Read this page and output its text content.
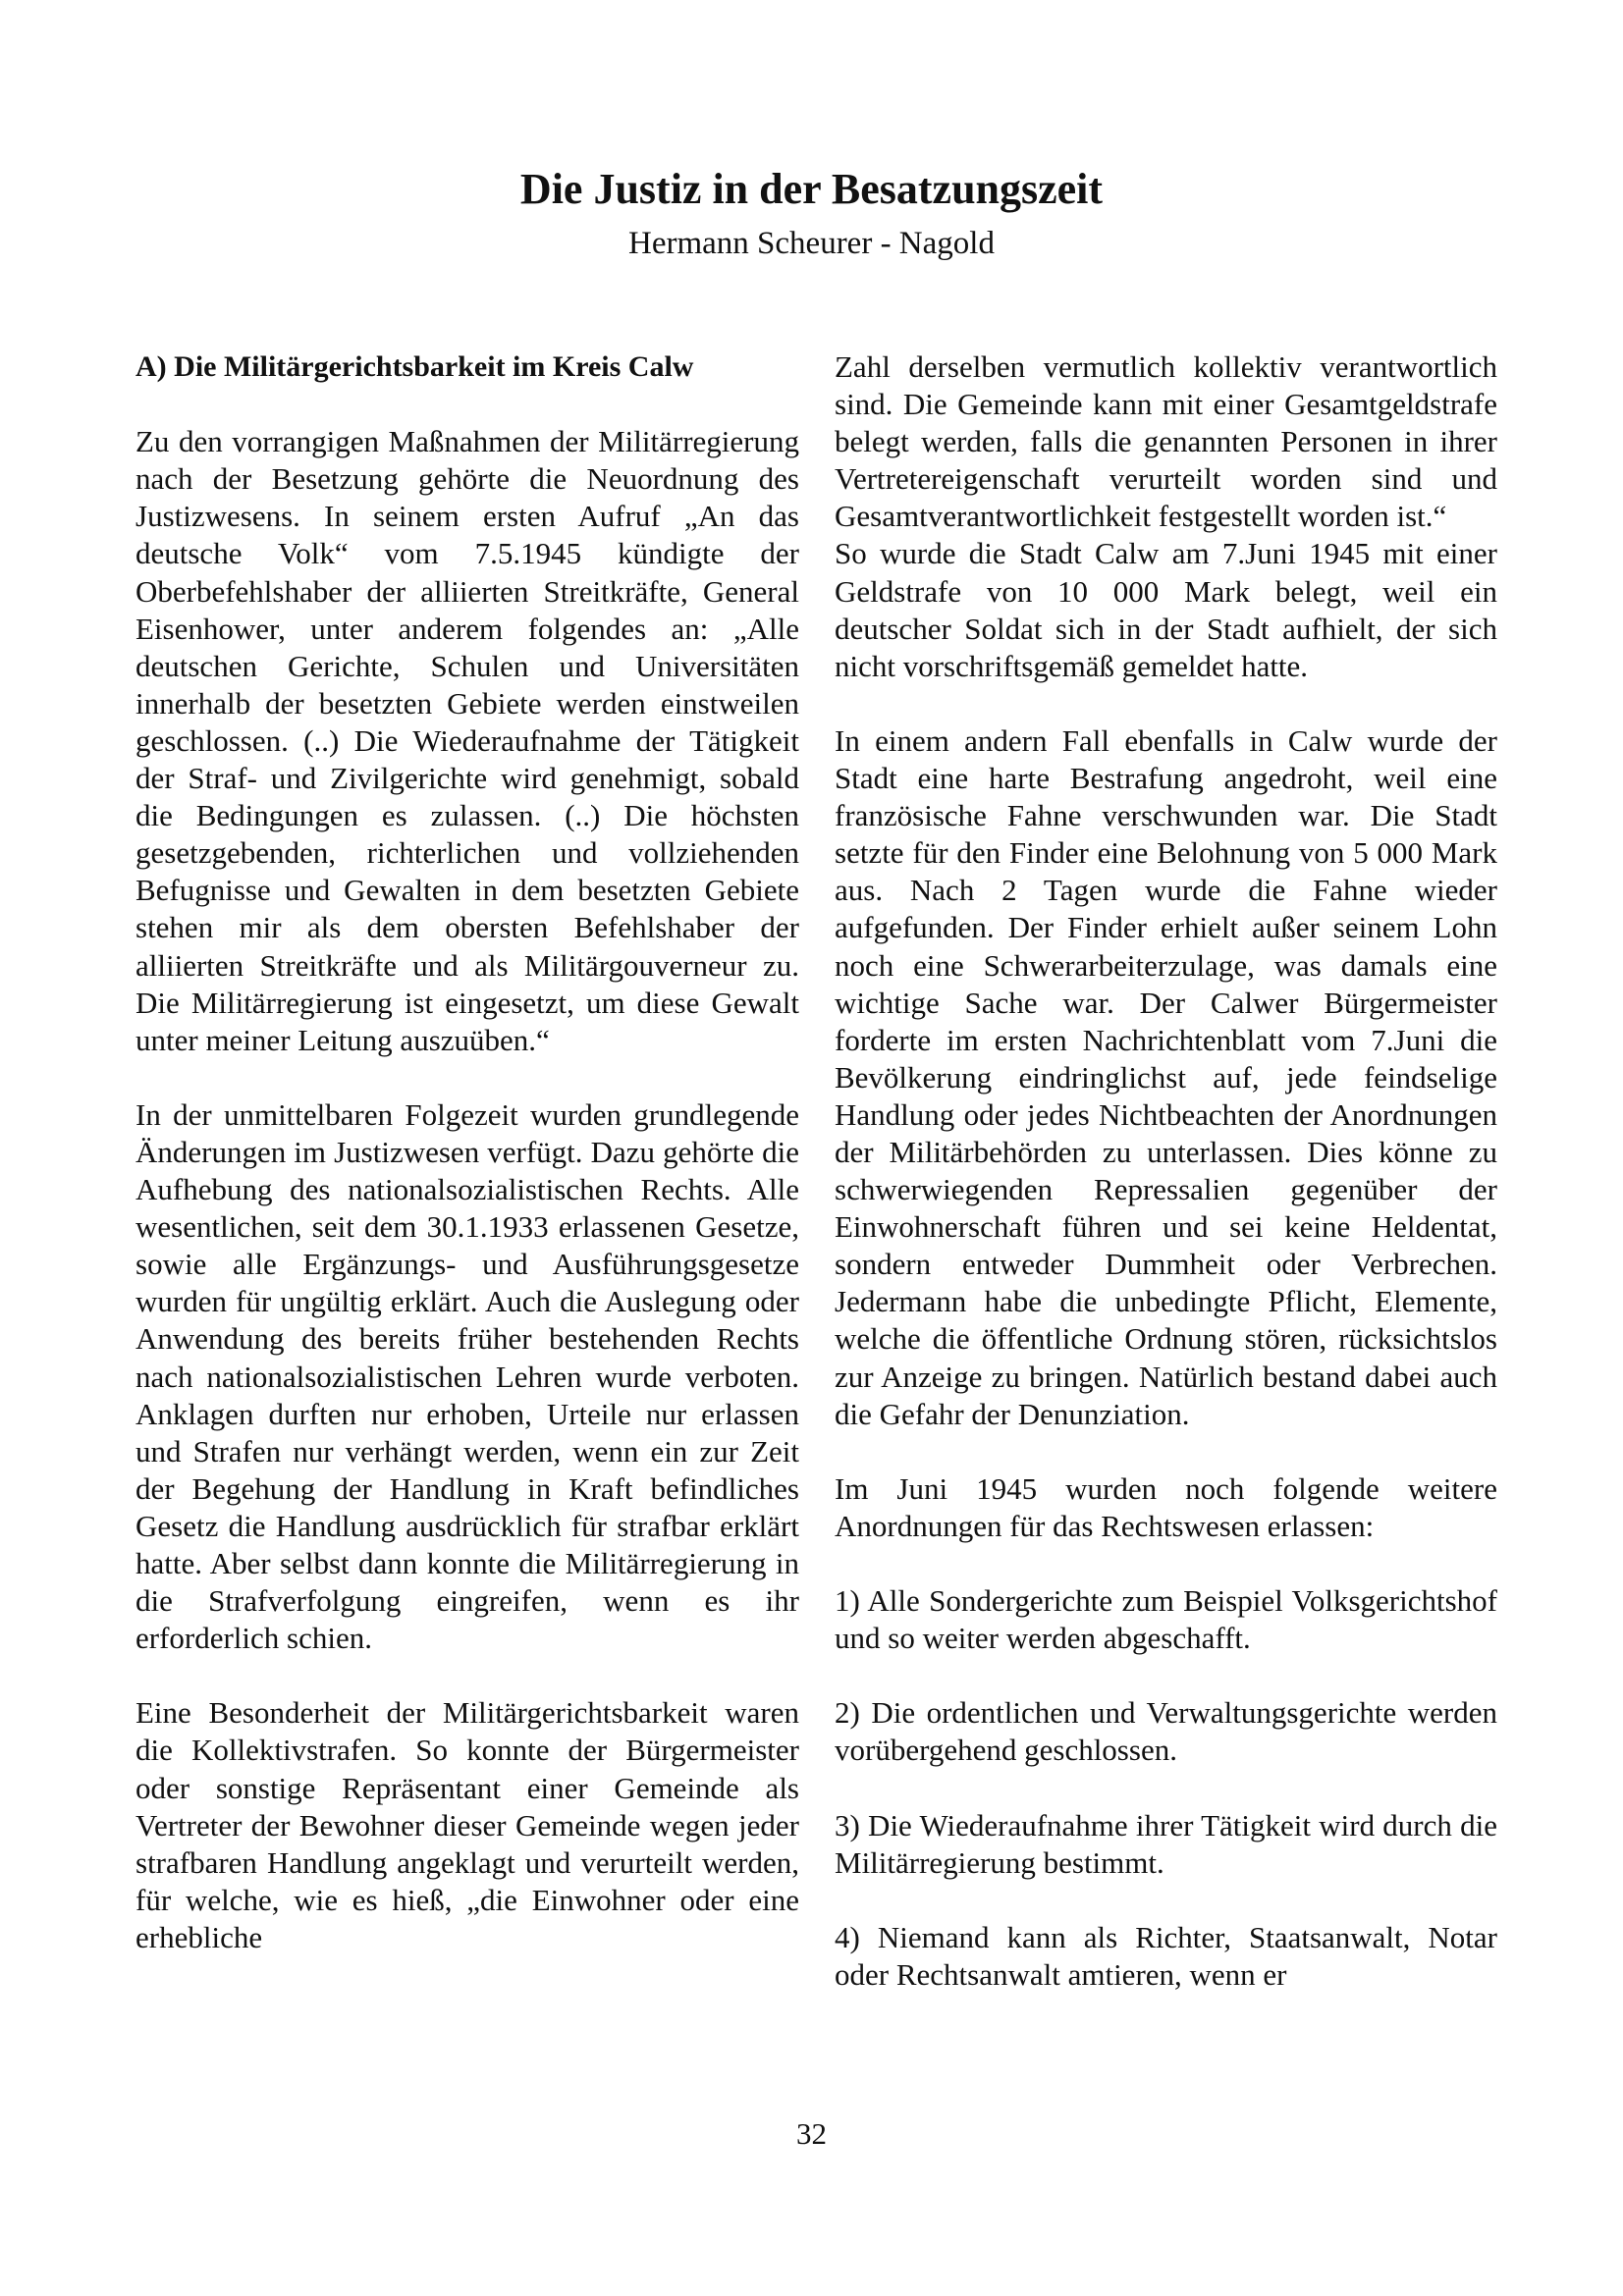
Die Justiz in der Besatzungszeit
Hermann Scheurer - Nagold
A) Die Militärgerichtsbarkeit im Kreis Calw

Zu den vorrangigen Maßnahmen der Militärregierung nach der Besetzung gehörte die Neuordnung des Justizwesens. In seinem ersten Aufruf „An das deutsche Volk“ vom 7.5.1945 kündigte der Oberbefehlshaber der alliierten Streitkräfte, General Eisenhower, unter anderem folgendes an: „Alle deutschen Gerichte, Schulen und Universitäten innerhalb der besetzten Gebiete werden einstweilen geschlossen. (..) Die Wiederaufnahme der Tätigkeit der Straf- und Zivilgerichte wird genehmigt, sobald die Bedingungen es zulassen. (..) Die höchsten gesetzgebenden, richterlichen und vollziehenden Befugnisse und Gewalten in dem besetzten Gebiete stehen mir als dem obersten Befehlshaber der alliierten Streitkräfte und als Militärgouverneur zu. Die Militärregierung ist eingesetzt, um diese Gewalt unter meiner Leitung auszuüben.“

In der unmittelbaren Folgezeit wurden grundlegende Änderungen im Justizwesen verfügt. Dazu gehörte die Aufhebung des nationalsozialistischen Rechts. Alle wesentlichen, seit dem 30.1.1933 erlassenen Gesetze, sowie alle Ergänzungs- und Ausführungsgesetze wurden für ungültig erklärt. Auch die Auslegung oder Anwendung des bereits früher bestehenden Rechts nach nationalsozialistischen Lehren wurde verboten. Anklagen durften nur erhoben, Urteile nur erlassen und Strafen nur verhängt werden, wenn ein zur Zeit der Begehung der Handlung in Kraft befindliches Gesetz die Handlung ausdrücklich für strafbar erklärt hatte. Aber selbst dann konnte die Militärregierung in die Strafverfolgung eingreifen, wenn es ihr erforderlich schien.

Eine Besonderheit der Militärgerichtsbarkeit waren die Kollektivstrafen. So konnte der Bürgermeister oder sonstige Repräsentant einer Gemeinde als Vertreter der Bewohner dieser Gemeinde wegen jeder strafbaren Handlung angeklagt und verurteilt werden, für welche, wie es hieß, „die Einwohner oder eine erhebliche

Zahl derselben vermutlich kollektiv verantwortlich sind. Die Gemeinde kann mit einer Gesamtgeldstrafe belegt werden, falls die genannten Personen in ihrer Vertretereigenschaft verurteilt worden sind und Gesamtverantwortlichkeit festgestellt worden ist.“

So wurde die Stadt Calw am 7.Juni 1945 mit einer Geldstrafe von 10 000 Mark belegt, weil ein deutscher Soldat sich in der Stadt aufhielt, der sich nicht vorschriftsgemäß gemeldet hatte.

In einem andern Fall ebenfalls in Calw wurde der Stadt eine harte Bestrafung angedroht, weil eine französische Fahne verschwunden war. Die Stadt setzte für den Finder eine Belohnung von 5 000 Mark aus. Nach 2 Tagen wurde die Fahne wieder aufgefunden. Der Finder erhielt außer seinem Lohn noch eine Schwerarbeiterzulage, was damals eine wichtige Sache war. Der Calwer Bürgermeister forderte im ersten Nachrichtenblatt vom 7.Juni die Bevölkerung eindringlichst auf, jede feindselige Handlung oder jedes Nichtbeachten der Anordnungen der Militärbehörden zu unterlassen. Dies könne zu schwerwiegenden Repressalien gegenüber der Einwohnerschaft führen und sei keine Heldentat, sondern entweder Dummheit oder Verbrechen. Jedermann habe die unbedingte Pflicht, Elemente, welche die öffentliche Ordnung stören, rücksichtslos zur Anzeige zu bringen. Natürlich bestand dabei auch die Gefahr der Denunziation.

Im Juni 1945 wurden noch folgende weitere Anordnungen für das Rechtswesen erlassen:

1) Alle Sondergerichte zum Beispiel Volksgerichtshof und so weiter werden abgeschafft.

2) Die ordentlichen und Verwaltungsgerichte werden vorübergehend geschlossen.

3) Die Wiederaufnahme ihrer Tätigkeit wird durch die Militärregierung bestimmt.

4) Niemand kann als Richter, Staatsanwalt, Notar oder Rechtsanwalt amtieren, wenn er

32
